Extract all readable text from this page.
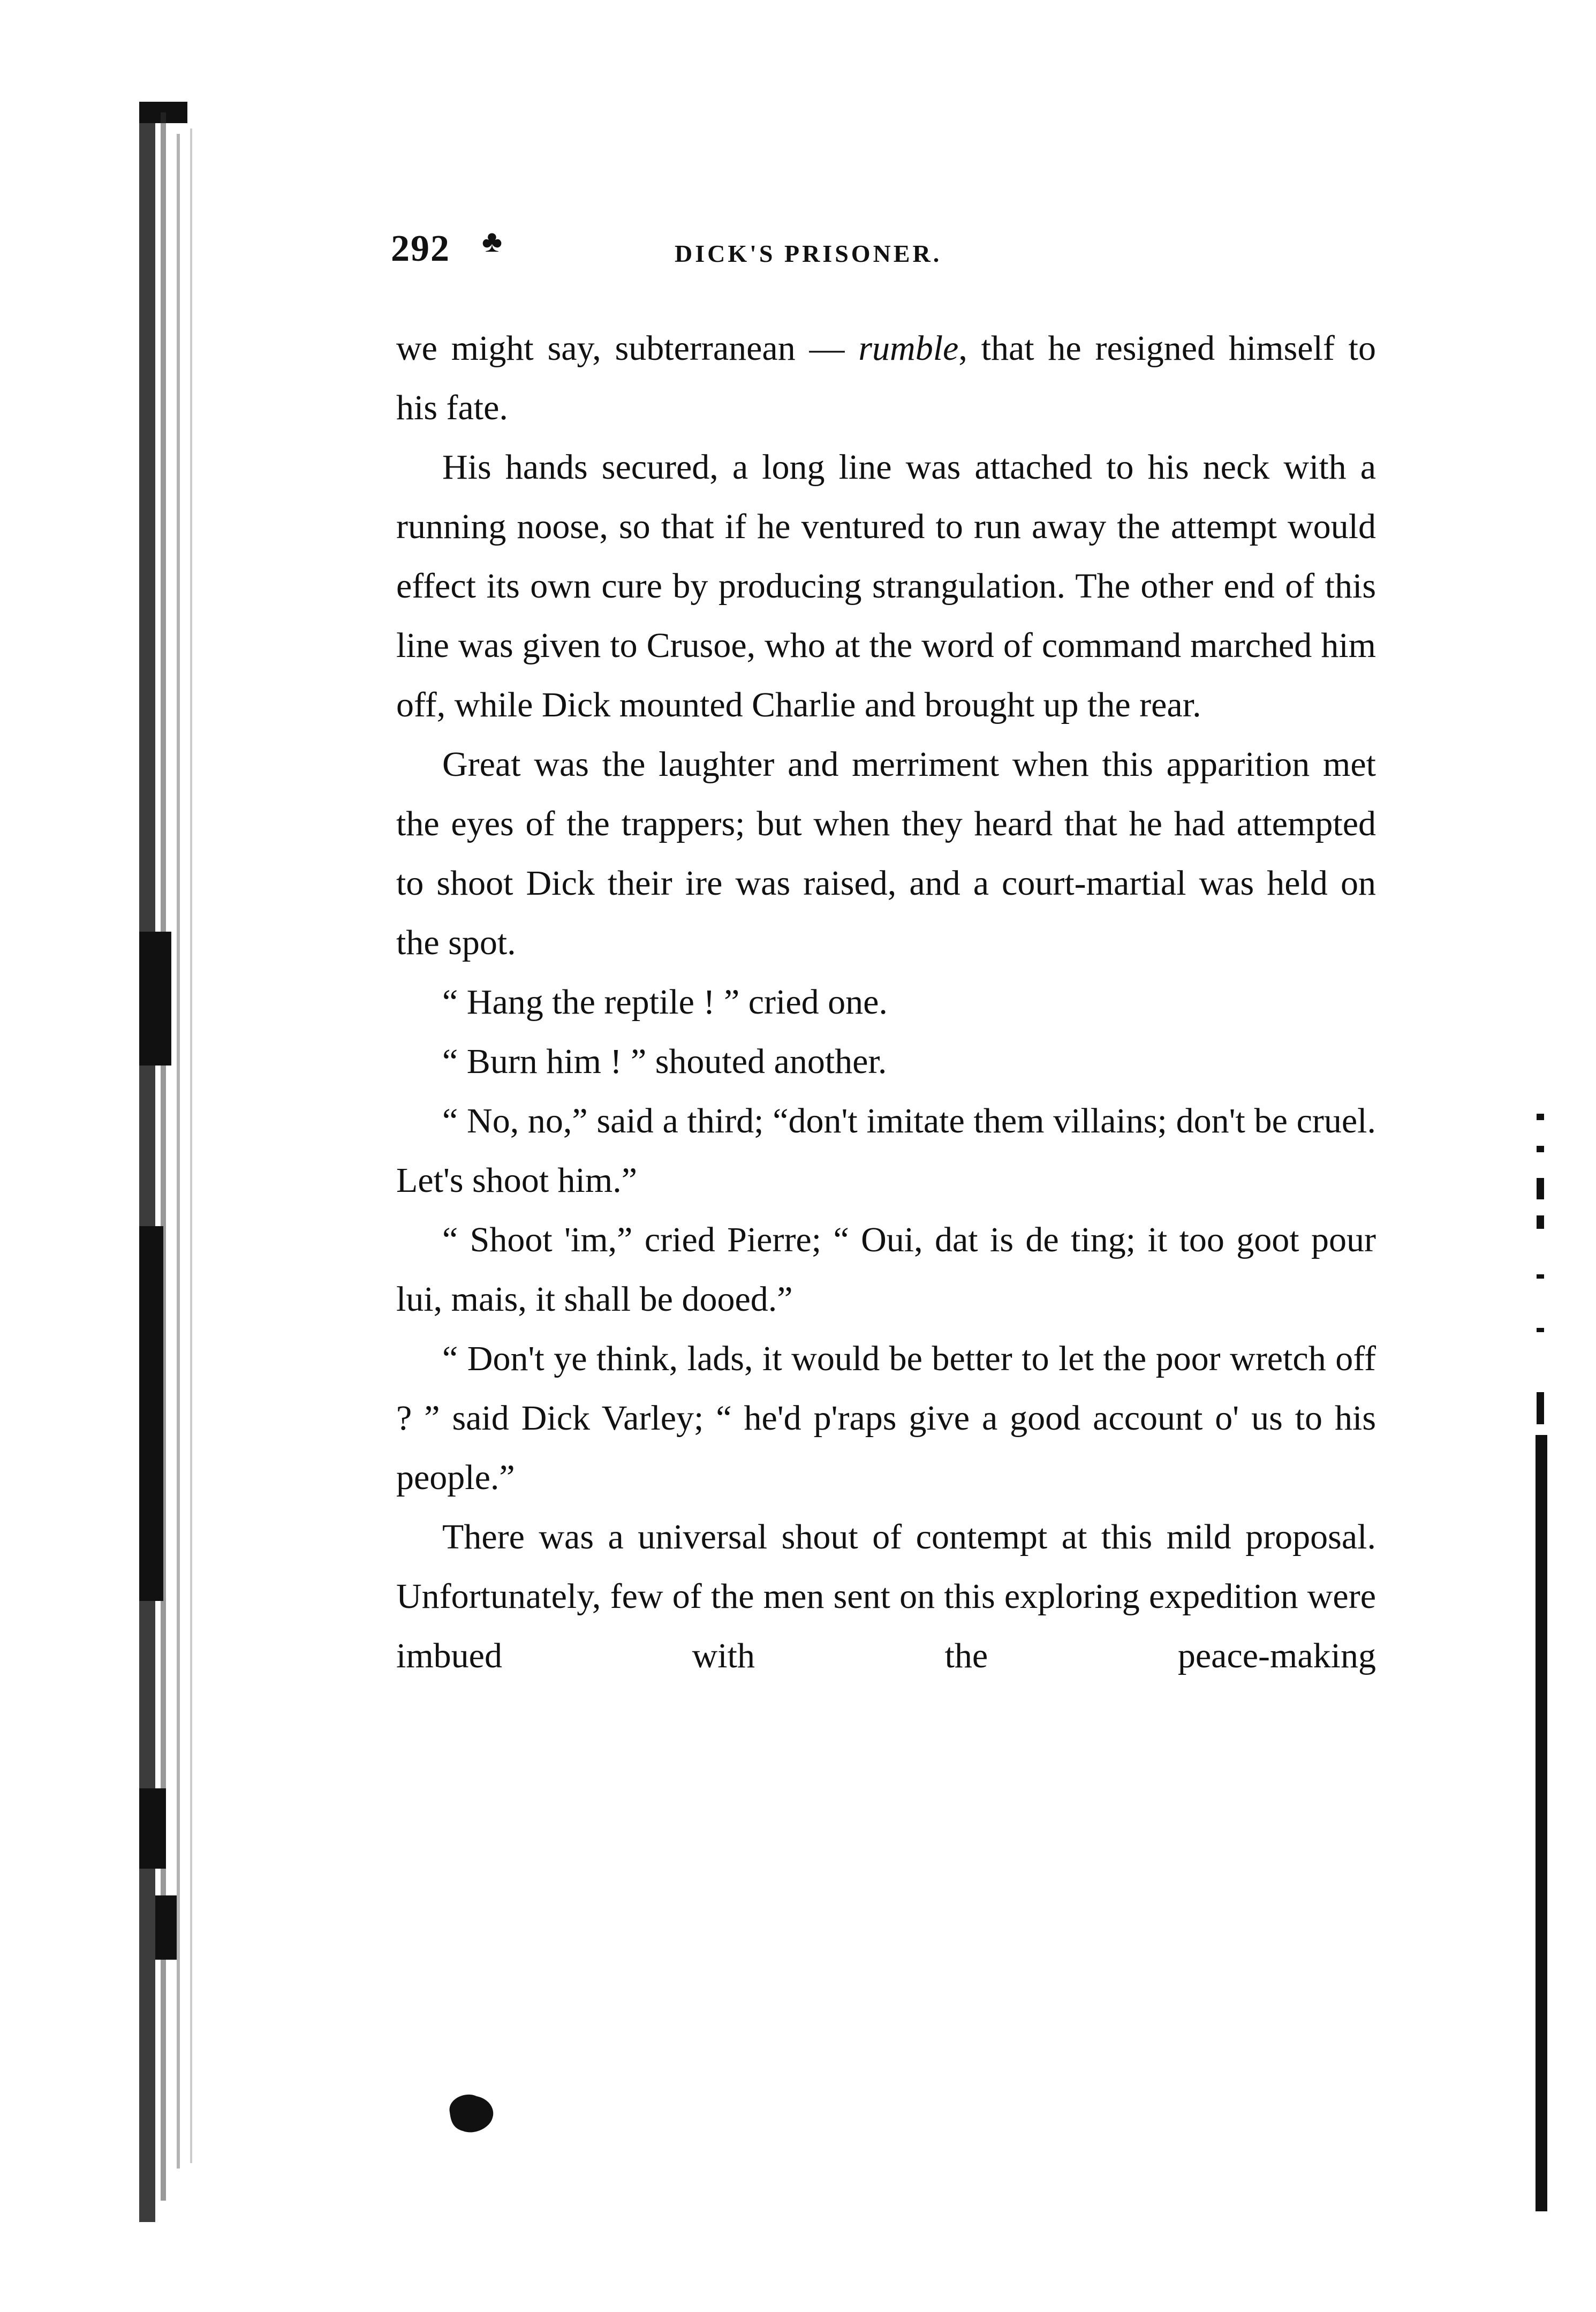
292 ♣	DICK'S PRISONER.

we might say, subterranean — rumble, that he resigned himself to his fate.

His hands secured, a long line was attached to his neck with a running noose, so that if he ventured to run away the attempt would effect its own cure by producing strangulation. The other end of this line was given to Crusoe, who at the word of command marched him off, while Dick mounted Charlie and brought up the rear.

Great was the laughter and merriment when this apparition met the eyes of the trappers; but when they heard that he had attempted to shoot Dick their ire was raised, and a court-martial was held on the spot.

“ Hang the reptile ! ” cried one.

“ Burn him ! ” shouted another.

“ No, no,” said a third; “don't imitate them villains; don't be cruel. Let's shoot him.”

“ Shoot 'im,” cried Pierre; “ Oui, dat is de ting; it too goot pour lui, mais, it shall be dooed.”

“ Don't ye think, lads, it would be better to let the poor wretch off ? ” said Dick Varley; “ he'd p'raps give a good account o' us to his people.”

There was a universal shout of contempt at this mild proposal. Unfortunately, few of the men sent on this exploring expedition were imbued with the peace-making
